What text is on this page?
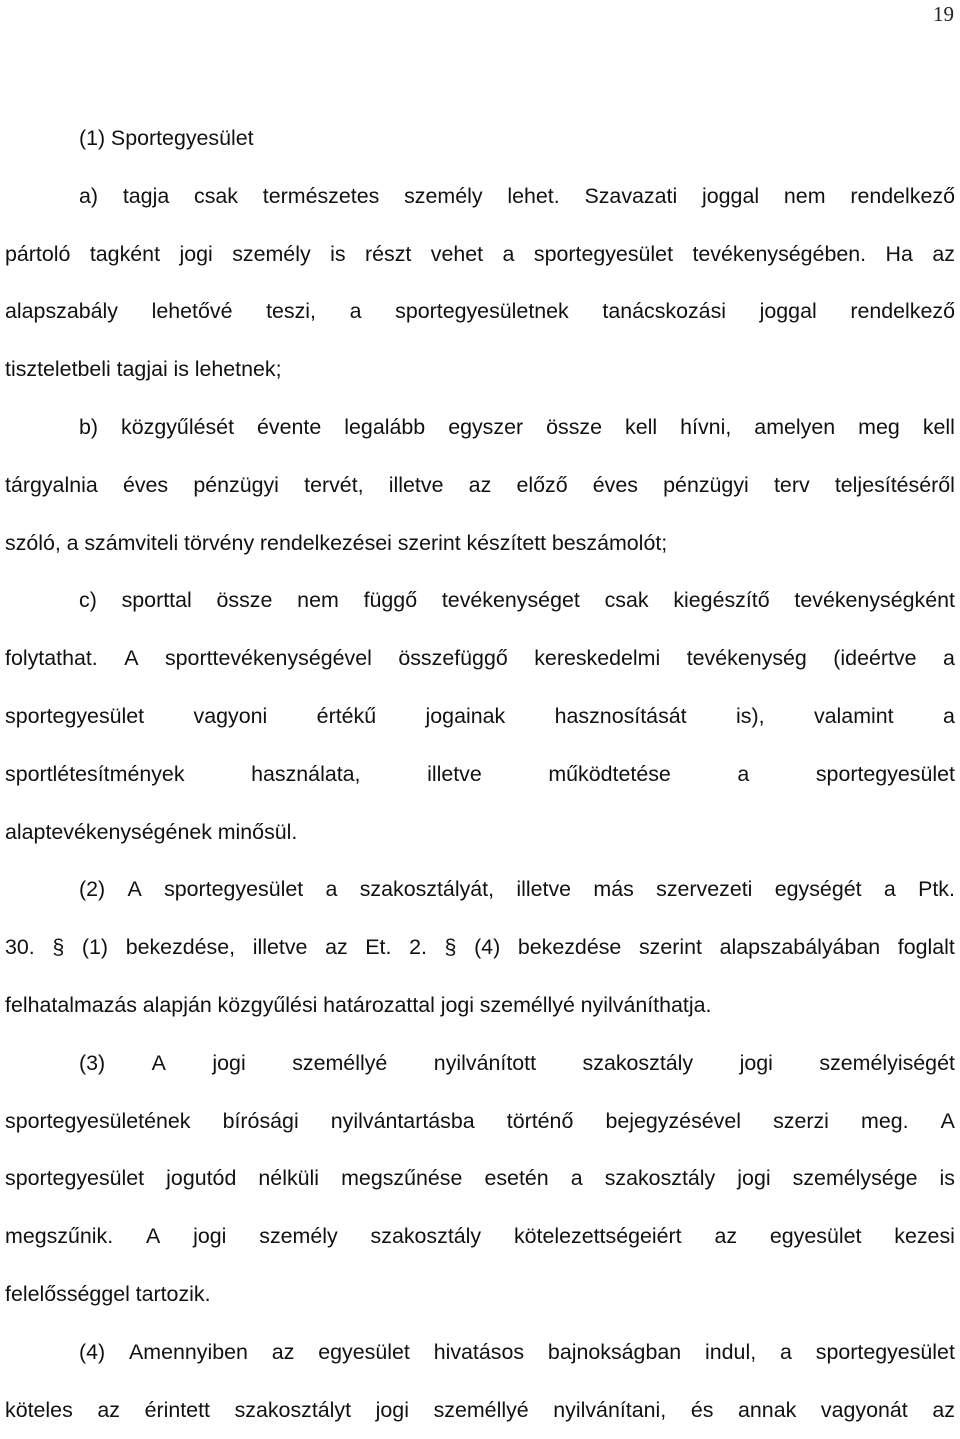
19
(1) Sportegyesület
a) tagja csak természetes személy lehet. Szavazati joggal nem rendelkező
pártoló tagként jogi személy is részt vehet a sportegyesület tevékenységében. Ha az
alapszabály lehetővé teszi, a sportegyesületnek tanácskozási joggal rendelkező
tiszteletbeli tagjai is lehetnek;
b) közgyűlését évente legalább egyszer össze kell hívni, amelyen meg kell
tárgyalnia éves pénzügyi tervét, illetve az előző éves pénzügyi terv teljesítéséről
szóló, a számviteli törvény rendelkezései szerint készített beszámolót;
c) sporttal össze nem függő tevékenységet csak kiegészítő tevékenységként
folytathat. A sporttevékenységével összefüggő kereskedelmi tevékenység (ideértve a
sportegyesület vagyoni értékű jogainak hasznosítását is), valamint a
sportlétesítmények	használata,	illetve	működtetése	a	sportegyesület
alaptevékenységének minősül.
(2) A sportegyesület a szakosztályát, illetve más szervezeti egységét a Ptk.
30. § (1) bekezdése, illetve az Et. 2. § (4) bekezdése szerint alapszabályában foglalt
felhatalmazás alapján közgyűlési határozattal jogi személlyé nyilváníthatja.
(3) A jogi személlyé nyilvánított szakosztály jogi személyiségét
sportegyesületének bírósági nyilvántartásba történő bejegyzésével szerzi meg. A
sportegyesület jogutód nélküli megszűnése esetén a szakosztály jogi személysége is
megszűnik. A jogi személy szakosztály kötelezettségeiért az egyesület kezesi
felelősséggel tartozik.
(4) Amennyiben az egyesület hivatásos bajnokságban indul, a sportegyesület
köteles az érintett szakosztályt jogi személlyé nyilvánítani, és annak vagyonát az
